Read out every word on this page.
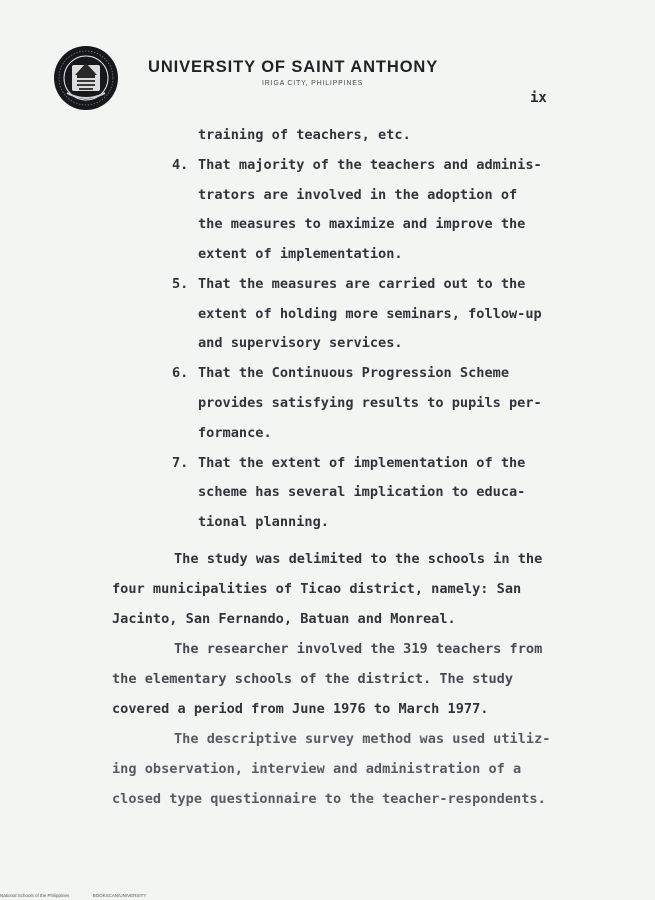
UNIVERSITY OF SAINT ANTHONY
IRIGA CITY, PHILIPPINES
ix
training of teachers, etc.
4. That majority of the teachers and adminis-
trators are involved in the adoption of
the measures to maximize and improve the
extent of implementation.
5. That the measures are carried out to the
extent of holding more seminars, follow-up
and supervisory services.
6. That the Continuous Progression Scheme
provides satisfying results to pupils per-
formance.
7. That the extent of implementation of the
scheme has several implication to educa-
tional planning.
The study was delimited to the schools in the
four municipalities of Ticao district, namely: San
Jacinto, San Fernando, Batuan and Monreal.
The researcher involved the 319 teachers from
the elementary schools of the district. The study
covered a period from June 1976 to March 1977.
The descriptive survey method was used utiliz-
ing observation, interview and administration of a
closed type questionnaire to the teacher-respondents.
National Schools of the Philippines	BOOKSCAN/UNIVERSITY
